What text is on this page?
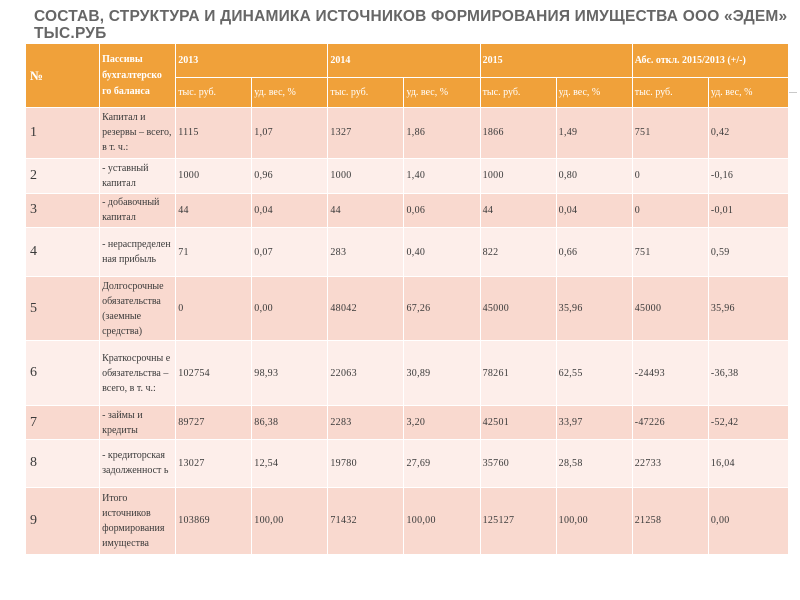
СОСТАВ, СТРУКТУРА И ДИНАМИКА ИСТОЧНИКОВ ФОРМИРОВАНИЯ ИМУЩЕСТВА ООО «ЭДЕМ» ТЫС.РУБ
№	Пассивы бухгалтерско го баланса	2013		2014		2015		Абс. откл. 2015/2013 (+/-)	
		тыс. руб.	уд. вес, %	тыс. руб.	уд. вес, %	тыс. руб.	уд. вес, %	тыс. руб.	уд. вес, %
1	Капитал и резервы – всего, в т. ч.:	1115	1,07	1327	1,86	1866	1,49	751	0,42
2	- уставный капитал	1000	0,96	1000	1,40	1000	0,80	0	-0,16
3	- добавочный капитал	44	0,04	44	0,06	44	0,04	0	-0,01
4	- нераспределен ная прибыль	71	0,07	283	0,40	822	0,66	751	0,59
5	Долгосрочные обязательства (заемные средства)	0	0,00	48042	67,26	45000	35,96	45000	35,96
6	Краткосрочны е обязательства – всего, в т. ч.:	102754	98,93	22063	30,89	78261	62,55	-24493	-36,38
7	- займы и кредиты	89727	86,38	2283	3,20	42501	33,97	-47226	-52,42
8	- кредиторская задолженност ь	13027	12,54	19780	27,69	35760	28,58	22733	16,04
9	Итого источников формирования имущества	103869	100,00	71432	100,00	125127	100,00	21258	0,00
